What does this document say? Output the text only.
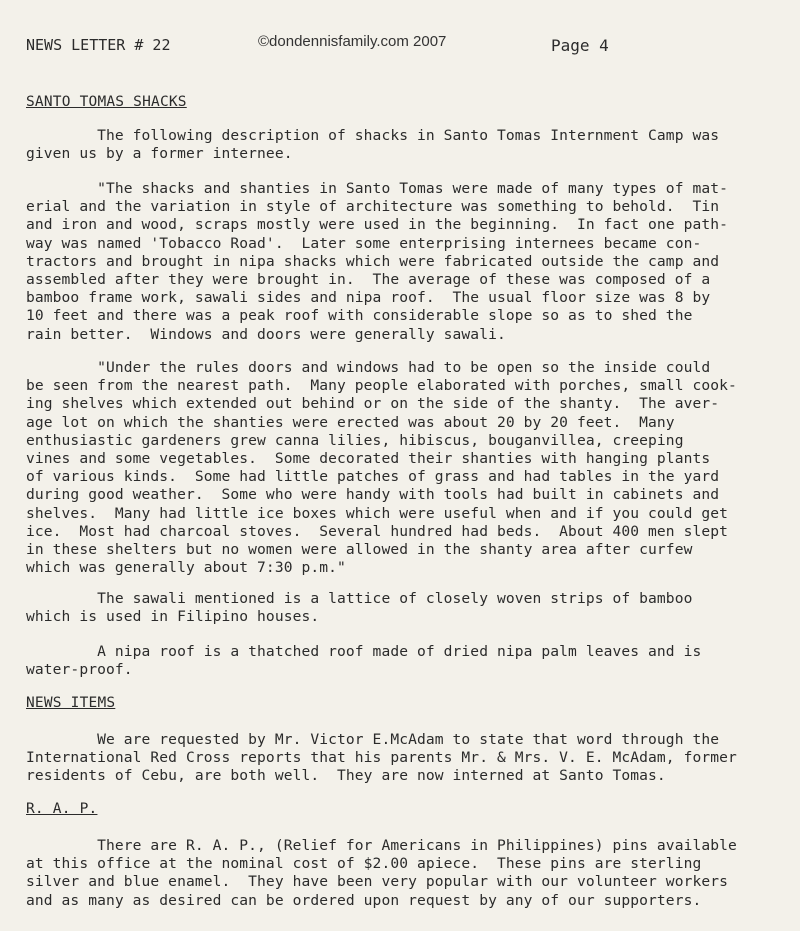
NEWS LETTER # 22	©dondennisfamily.com 2007	Page 4
SANTO TOMAS SHACKS
The following description of shacks in Santo Tomas Internment Camp was
given us by a former internee.
"The shacks and shanties in Santo Tomas were made of many types of mat-
erial and the variation in style of architecture was something to behold.  Tin
and iron and wood, scraps mostly were used in the beginning.  In fact one path-
way was named 'Tobacco Road'.  Later some enterprising internees became con-
tractors and brought in nipa shacks which were fabricated outside the camp and
assembled after they were brought in.  The average of these was composed of a
bamboo frame work, sawali sides and nipa roof.  The usual floor size was 8 by
10 feet and there was a peak roof with considerable slope so as to shed the
rain better.  Windows and doors were generally sawali.
"Under the rules doors and windows had to be open so the inside could
be seen from the nearest path.  Many people elaborated with porches, small cook-
ing shelves which extended out behind or on the side of the shanty.  The aver-
age lot on which the shanties were erected was about 20 by 20 feet.  Many
enthusiastic gardeners grew canna lilies, hibiscus, bouganvillea, creeping
vines and some vegetables.  Some decorated their shanties with hanging plants
of various kinds.  Some had little patches of grass and had tables in the yard
during good weather.  Some who were handy with tools had built in cabinets and
shelves.  Many had little ice boxes which were useful when and if you could get
ice.  Most had charcoal stoves.  Several hundred had beds.  About 400 men slept
in these shelters but no women were allowed in the shanty area after curfew
which was generally about 7:30 p.m."
The sawali mentioned is a lattice of closely woven strips of bamboo
which is used in Filipino houses.
A nipa roof is a thatched roof made of dried nipa palm leaves and is
water-proof.
NEWS ITEMS
We are requested by Mr. Victor E.McAdam to state that word through the
International Red Cross reports that his parents Mr. & Mrs. V. E. McAdam, former
residents of Cebu, are both well.  They are now interned at Santo Tomas.
R. A. P.
There are R. A. P., (Relief for Americans in Philippines) pins available
at this office at the nominal cost of $2.00 apiece.  These pins are sterling
silver and blue enamel.  They have been very popular with our volunteer workers
and as many as desired can be ordered upon request by any of our supporters.
